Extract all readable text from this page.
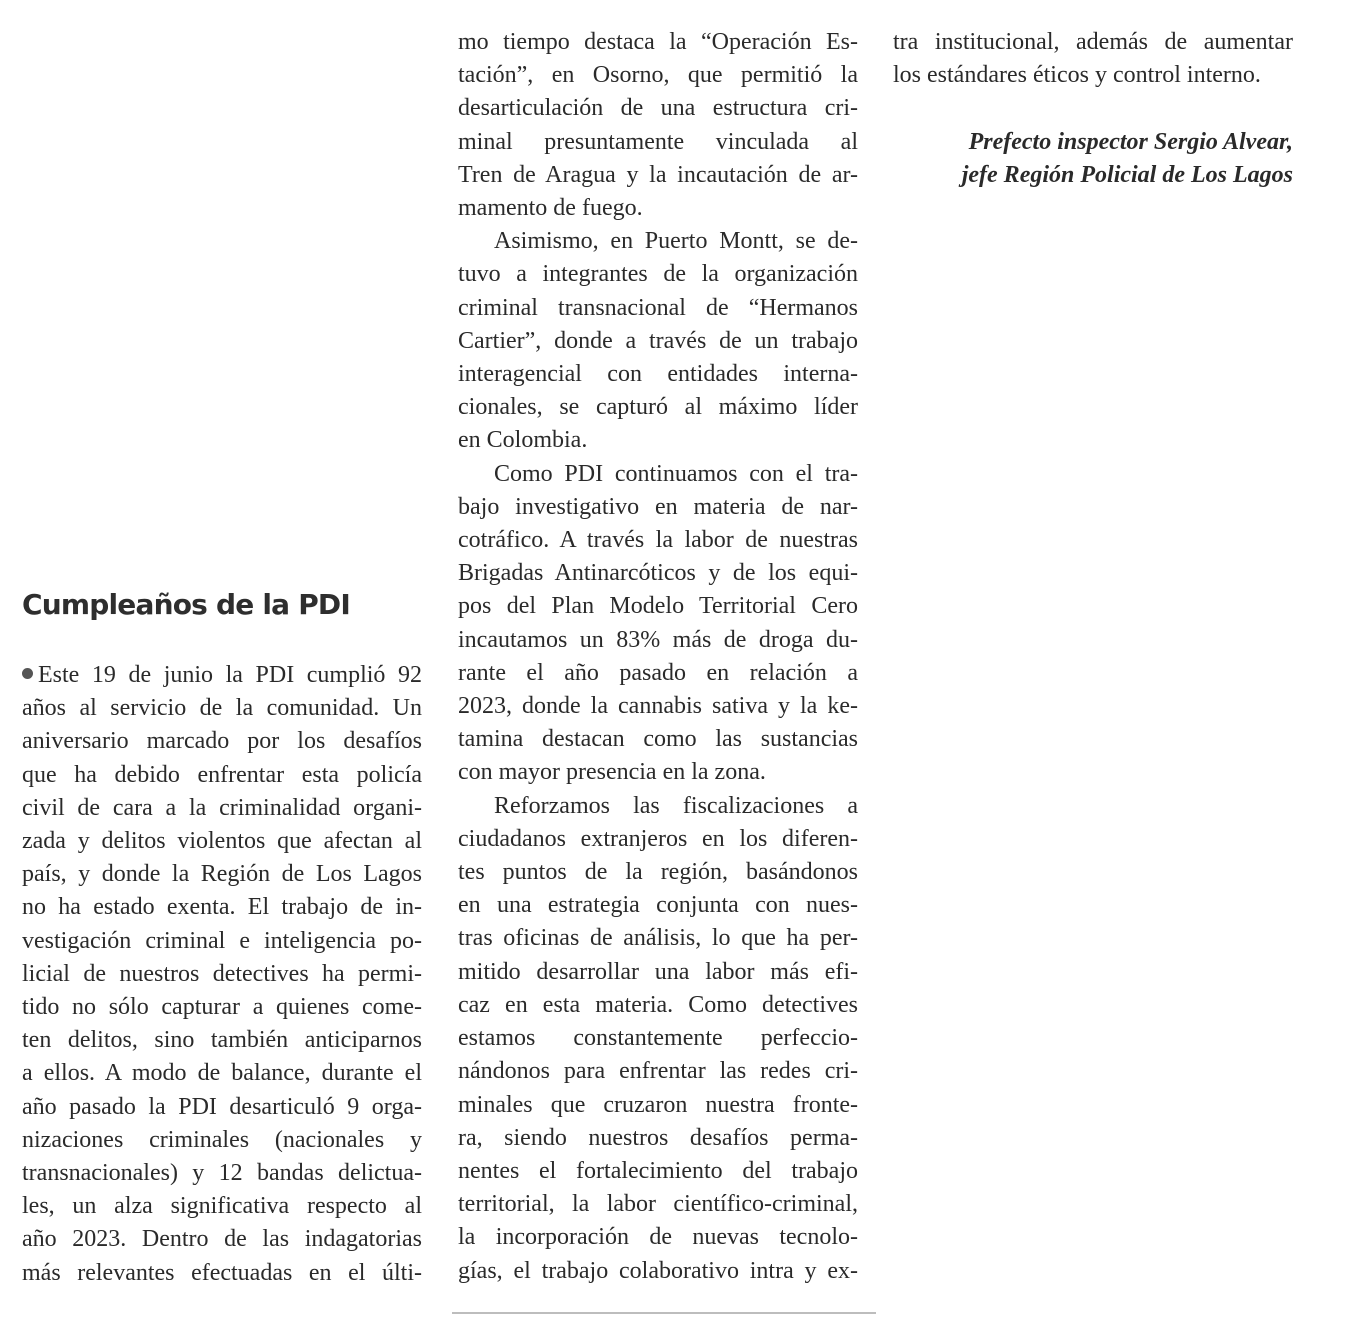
Cumpleaños de la PDI

Este 19 de junio la PDI cumplió 92
años al servicio de la comunidad. Un
aniversario marcado por los desafíos
que ha debido enfrentar esta policía
civil de cara a la criminalidad organi-
zada y delitos violentos que afectan al
país, y donde la Región de Los Lagos
no ha estado exenta. El trabajo de in-
vestigación criminal e inteligencia po-
licial de nuestros detectives ha permi-
tido no sólo capturar a quienes come-
ten delitos, sino también anticiparnos
a ellos. A modo de balance, durante el
año pasado la PDI desarticuló 9 orga-
nizaciones criminales (nacionales y
transnacionales) y 12 bandas delictua-
les, un alza significativa respecto al
año 2023. Dentro de las indagatorias
más relevantes efectuadas en el últi-

mo tiempo destaca la “Operación Es-
tación”, en Osorno, que permitió la
desarticulación de una estructura cri-
minal presuntamente vinculada al
Tren de Aragua y la incautación de ar-
mamento de fuego.

Asimismo, en Puerto Montt, se de-
tuvo a integrantes de la organización
criminal transnacional de “Hermanos
Cartier”, donde a través de un trabajo
interagencial con entidades interna-
cionales, se capturó al máximo líder
en Colombia.

Como PDI continuamos con el tra-
bajo investigativo en materia de nar-
cotráfico. A través la labor de nuestras
Brigadas Antinarcóticos y de los equi-
pos del Plan Modelo Territorial Cero
incautamos un 83% más de droga du-
rante el año pasado en relación a
2023, donde la cannabis sativa y la ke-
tamina destacan como las sustancias
con mayor presencia en la zona.

Reforzamos las fiscalizaciones a
ciudadanos extranjeros en los diferen-
tes puntos de la región, basándonos
en una estrategia conjunta con nues-
tras oficinas de análisis, lo que ha per-
mitido desarrollar una labor más efi-
caz en esta materia. Como detectives
estamos constantemente perfeccio-
nándonos para enfrentar las redes cri-
minales que cruzaron nuestra fronte-
ra, siendo nuestros desafíos perma-
nentes el fortalecimiento del trabajo
territorial, la labor científico-criminal,
la incorporación de nuevas tecnolo-
gías, el trabajo colaborativo intra y ex-

tra institucional, además de aumentar
los estándares éticos y control interno.

Prefecto inspector Sergio Alvear,
jefe Región Policial de Los Lagos
